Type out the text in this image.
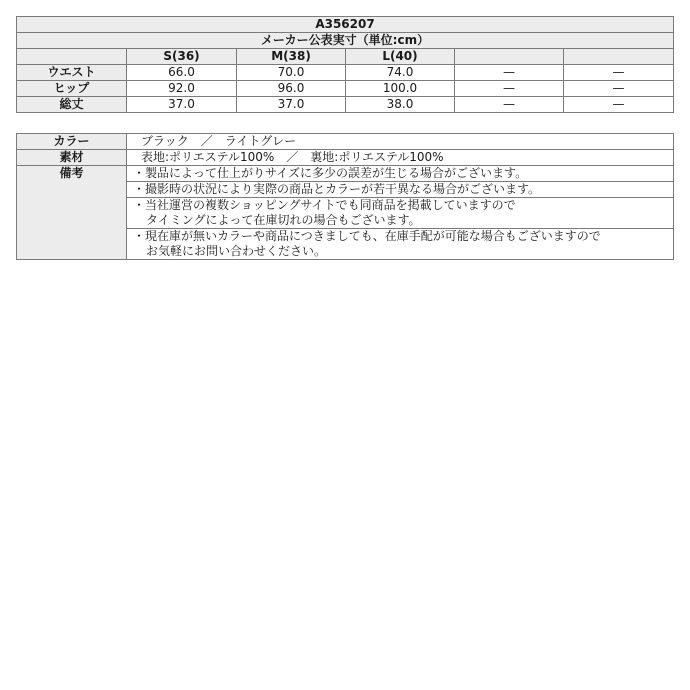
A356207					
メーカー公表実寸（単位:cm）					
	S(36)	M(38)	L(40)		
ウエスト	66.0	70.0	74.0	—	—
ヒップ	92.0	96.0	100.0	—	—
総丈	37.0	37.0	38.0	—	—
カラー	ブラック　／　ライトグレー
素材	表地:ポリエステル100%　／　裏地:ポリエステル100%
備考	・製品によって仕上がりサイズに多少の誤差が生じる場合がございます。

	・撮影時の状況により実際の商品とカラーが若干異なる場合がございます。

	・当社運営の複数ショッピングサイトでも同商品を掲載していますので
タイミングによって在庫切れの場合もございます。

	・現在庫が無いカラーや商品につきましても、在庫手配が可能な場合もございますので
お気軽にお問い合わせください。
